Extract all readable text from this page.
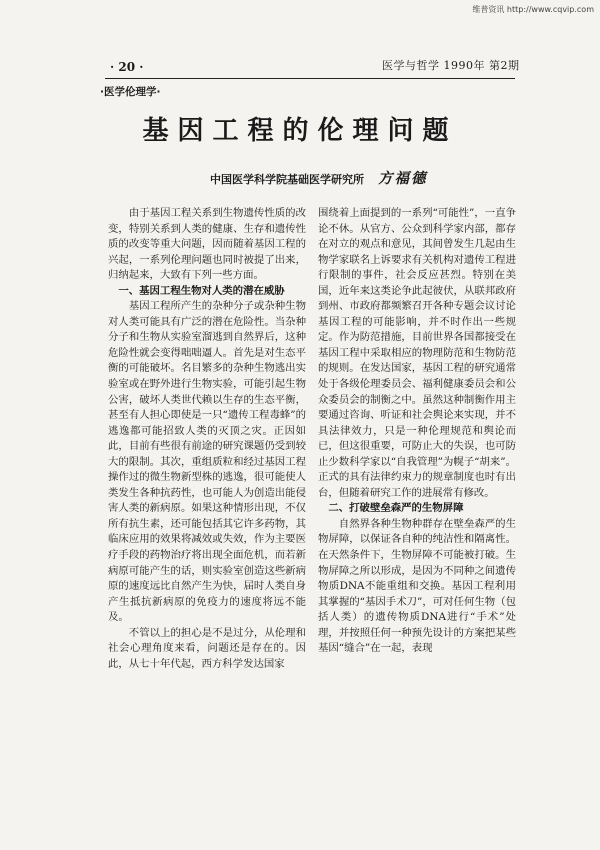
维普资讯 http://www.cqvip.com
· 20 ·	医学与哲学 1990年 第2期
·医学伦理学·
基因工程的伦理问题
中国医学科学院基础医学研究所 方福德

由于基因工程关系到生物遗传性质的改变，特别关系到人类的健康、生存和遗传性质的改变等重大问题，因而随着基因工程的兴起，一系列伦理问题也同时被提了出来，归纳起来，大致有下列一些方面。

一、基因工程生物对人类的潜在威胁

基因工程所产生的杂种分子或杂种生物对人类可能具有广泛的潜在危险性。当杂种分子和生物从实验室溜逃到自然界后，这种危险性就会变得咄咄逼人。首先是对生态平衡的可能破坏。名目繁多的杂种生物逃出实验室或在野外进行生物实验，可能引起生物公害，破坏人类世代赖以生存的生态平衡，甚至有人担心即使是一只“遗传工程毒蜂”的逃逸都可能招致人类的灭顶之灾。正因如此，目前有些很有前途的研究课题仍受到较大的限制。其次，重组质粒和经过基因工程操作过的微生物新型株的逃逸，很可能使人类发生各种抗药性，也可能人为创造出能侵害人类的新病原。如果这种情形出现，不仅所有抗生素，还可能包括其它许多药物，其临床应用的效果将减效或失效，作为主要医疗手段的药物治疗将出现全面危机，而若新病原可能产生的话，则实验室创造这些新病原的速度远比自然产生为快，届时人类自身产生抵抗新病原的免疫力的速度将远不能及。

不管以上的担心是不是过分，从伦理和社会心理角度来看，问题还是存在的。因此，从七十年代起，西方科学发达国家

围绕着上面提到的一系列“可能性”，一直争论不休。从官方、公众到科学家内部，都存在对立的观点和意见，其间曾发生几起由生物学家联名上诉要求有关机构对遗传工程进行限制的事件，社会反应甚烈。特别在美国，近年来这类论争此起彼伏，从联邦政府到州、市政府都频繁召开各种专题会议讨论基因工程的可能影响，并不时作出一些规定。作为防范措施，目前世界各国都接受在基因工程中采取相应的物理防范和生物防范的规则。在发达国家，基因工程的研究通常处于各级伦理委员会、福利健康委员会和公众委员会的制衡之中。虽然这种制衡作用主要通过咨询、听证和社会舆论来实现，并不具法律效力，只是一种伦理规范和舆论而已，但这很重要，可防止大的失误，也可防止少数科学家以“自我管理”为幌子“胡来”。正式的具有法律约束力的规章制度也时有出台，但随着研究工作的进展常有修改。

二、打破壁垒森严的生物屏障

自然界各种生物种群存在壁垒森严的生物屏障，以保证各自种的纯洁性和隔离性。在天然条件下，生物屏障不可能被打破。生物屏障之所以形成，是因为不同种之间遗传物质DNA不能重组和交换。基因工程利用其掌握的“基因手术刀”，可对任何生物（包括人类）的遗传物质DNA进行“手术”处理，并按照任何一种预先设计的方案把某些基因“缝合”在一起，表现
